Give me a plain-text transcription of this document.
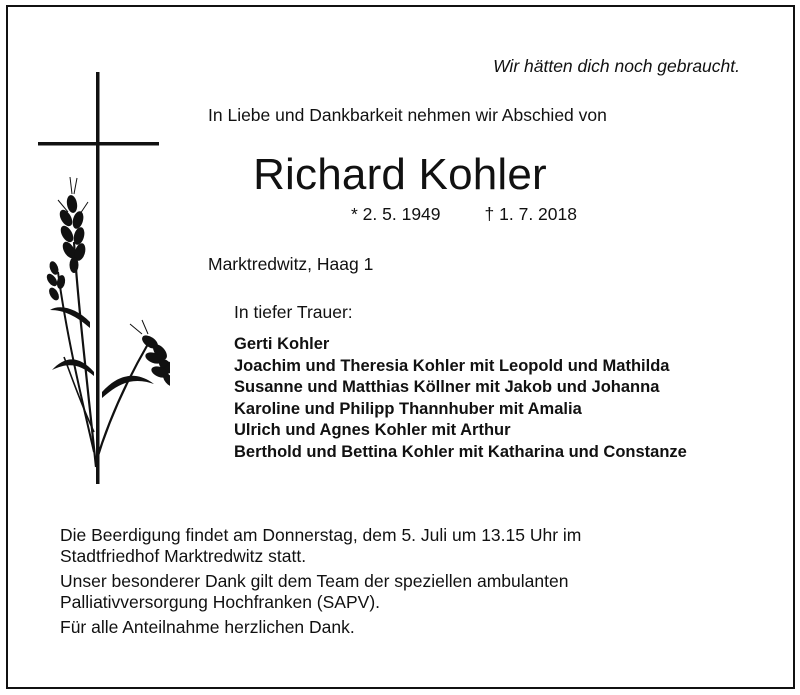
Wir hätten dich noch gebraucht.
In Liebe und Dankbarkeit nehmen wir Abschied von
Richard Kohler
* 2. 5. 1949	† 1. 7. 2018
Marktredwitz, Haag 1
In tiefer Trauer:
Gerti Kohler
Joachim und Theresia Kohler mit Leopold und Mathilda
Susanne und Matthias Köllner mit Jakob und Johanna
Karoline und Philipp Thannhuber mit Amalia
Ulrich und Agnes Kohler mit Arthur
Berthold und Bettina Kohler mit Katharina und Constanze

Die Beerdigung findet am Donnerstag, dem 5. Juli um 13.15 Uhr im
Stadtfriedhof Marktredwitz statt.

Unser besonderer Dank gilt dem Team der speziellen ambulanten
Palliativversorgung Hochfranken (SAPV).

Für alle Anteilnahme herzlichen Dank.
